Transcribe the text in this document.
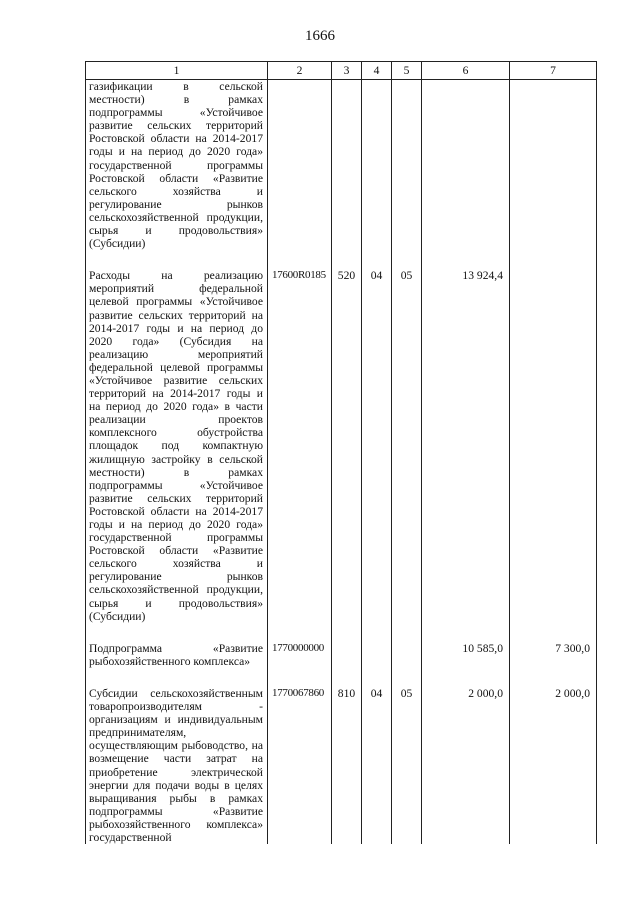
1666
1	2	3	4	5	6	7
газификации в сельской местности) в рамках подпрограммы «Устойчивое развитие сельских территорий Ростовской области на 2014-2017 годы и на период до 2020 года» государственной программы Ростовской области «Развитие сельского хозяйства и регулирование рынков сельскохозяйственной продукции, сырья и продовольствия» (Субсидии)						

Расходы на реализацию мероприятий федеральной целевой программы «Устойчивое развитие сельских территорий на 2014-2017 годы и на период до 2020 года» (Субсидия на реализацию мероприятий федеральной целевой программы «Устойчивое развитие сельских территорий на 2014-2017 годы и на период до 2020 года» в части реализации проектов комплексного обустройства площадок под компактную жилищную застройку в сельской местности) в рамках подпрограммы «Устойчивое развитие сельских территорий Ростовской области на 2014-2017 годы и на период до 2020 года» государственной программы Ростовской области «Развитие сельского хозяйства и регулирование рынков сельскохозяйственной продукции, сырья и продовольствия» (Субсидии)	17600R0185	520	04	05	13 924,4	

Подпрограмма «Развитие рыбохозяйственного комплекса»	1770000000				10 585,0	7 300,0

Субсидии сельскохозяйственным товаропроизводителям - организациям и индивидуальным предпринимателям, осуществляющим рыбоводство, на возмещение части затрат на приобретение электрической энергии для подачи воды в целях выращивания рыбы в рамках подпрограммы «Развитие рыбохозяйственного комплекса» государственной	1770067860	810	04	05	2 000,0	2 000,0
